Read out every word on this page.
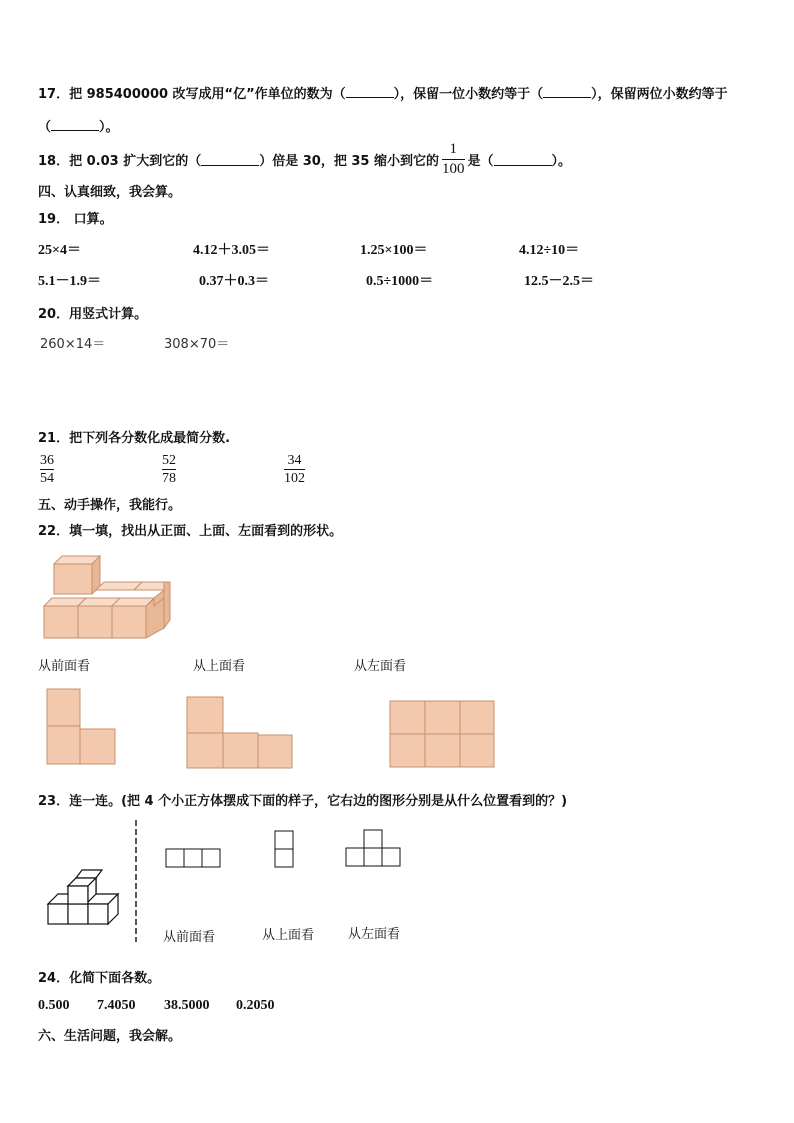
17．把 985400000 改写成用“亿”作单位的数为（	），保留一位小数约等于（	），保留两位小数约等于
（	）。
18． 把 0.03 扩大到它的（	）倍是 30，把 35 缩小到它的 $\frac{1}{100}$ 是（	）。
四、认真细致，我会算。
19． 口算。
25×4＝	4.12＋3.05＝	1.25×100＝	4.12÷10＝
5.1－1.9＝	0.37＋0.3＝	0.5÷1000＝	12.5－2.5＝
20．用竖式计算。
260×14＝	308×70＝
21．把下列各分数化成最简分数.
36
54
52
78
34
102
五、动手操作，我能行。
22．填一填，找出从正面、上面、左面看到的形状。
从前面看	从上面看	从左面看
23．连一连。(把 4 个小正方体摆成下面的样子，它右边的图形分别是从什么位置看到的？)
从前面看	从上面看	从左面看
24．化简下面各数。
0.500 7.4050 38.5000 0.2050
六、生活问题，我会解。
